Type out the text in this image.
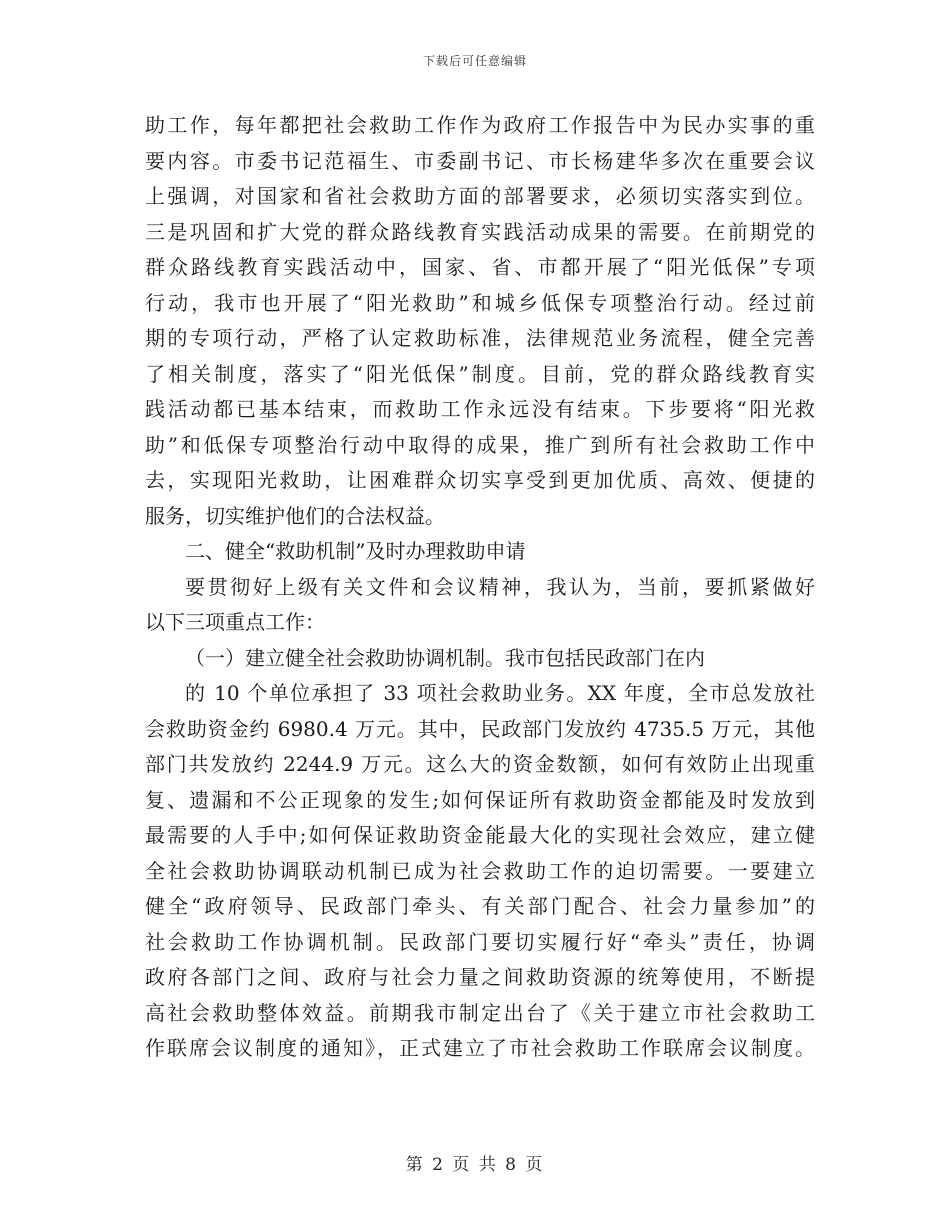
下载后可任意编辑
助工作，每年都把社会救助工作作为政府工作报告中为民办实事的重
要内容。市委书记范福生、市委副书记、市长杨建华多次在重要会议
上强调，对国家和省社会救助方面的部署要求，必须切实落实到位。
三是巩固和扩大党的群众路线教育实践活动成果的需要。在前期党的
群众路线教育实践活动中，国家、省、市都开展了“阳光低保”专项
行动，我市也开展了“阳光救助”和城乡低保专项整治行动。经过前
期的专项行动，严格了认定救助标准，法律规范业务流程，健全完善
了相关制度，落实了“阳光低保”制度。目前，党的群众路线教育实
践活动都已基本结束，而救助工作永远没有结束。下步要将“阳光救
助”和低保专项整治行动中取得的成果，推广到所有社会救助工作中
去，实现阳光救助，让困难群众切实享受到更加优质、高效、便捷的
服务，切实维护他们的合法权益。
二、健全“救助机制”及时办理救助申请
要贯彻好上级有关文件和会议精神，我认为，当前，要抓紧做好
以下三项重点工作：
（一）建立健全社会救助协调机制。我市包括民政部门在内
的 10 个单位承担了 33 项社会救助业务。XX 年度，全市总发放社
会救助资金约 6980.4 万元。其中，民政部门发放约 4735.5 万元，其他
部门共发放约 2244.9 万元。这么大的资金数额，如何有效防止出现重
复、遗漏和不公正现象的发生;如何保证所有救助资金都能及时发放到
最需要的人手中;如何保证救助资金能最大化的实现社会效应，建立健
全社会救助协调联动机制已成为社会救助工作的迫切需要。一要建立
健全“政府领导、民政部门牵头、有关部门配合、社会力量参加”的
社会救助工作协调机制。民政部门要切实履行好“牵头”责任，协调
政府各部门之间、政府与社会力量之间救助资源的统筹使用，不断提
高社会救助整体效益。前期我市制定出台了《关于建立市社会救助工
作联席会议制度的通知》，正式建立了市社会救助工作联席会议制度。
第 2 页 共 8 页
